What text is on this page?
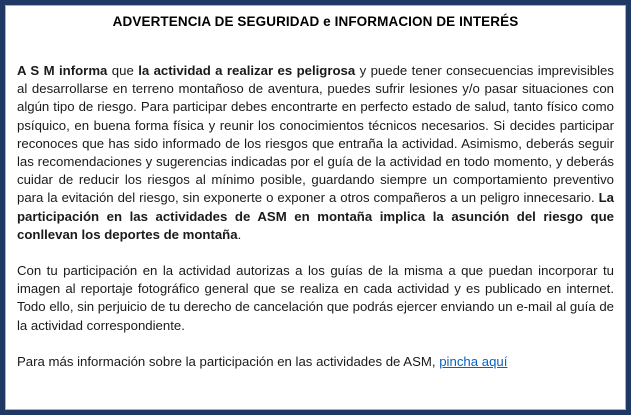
ADVERTENCIA DE SEGURIDAD e INFORMACION DE INTERÉS

A S M informa que la actividad a realizar es peligrosa y puede tener consecuencias imprevisibles al desarrollarse en terreno montañoso de aventura, puedes sufrir lesiones y/o pasar situaciones con algún tipo de riesgo. Para participar debes encontrarte en perfecto estado de salud, tanto físico como psíquico, en buena forma física y reunir los conocimientos técnicos necesarios. Si decides participar reconoces que has sido informado de los riesgos que entraña la actividad. Asimismo, deberás seguir las recomendaciones y sugerencias indicadas por el guía de la actividad en todo momento, y deberás cuidar de reducir los riesgos al mínimo posible, guardando siempre un comportamiento preventivo para la evitación del riesgo, sin exponerte o exponer a otros compañeros a un peligro innecesario. La participación en las actividades de ASM en montaña implica la asunción del riesgo que conllevan los deportes de montaña.

Con tu participación en la actividad autorizas a los guías de la misma a que puedan incorporar tu imagen al reportaje fotográfico general que se realiza en cada actividad y es publicado en internet. Todo ello, sin perjuicio de tu derecho de cancelación que podrás ejercer enviando un e-mail al guía de la actividad correspondiente.

Para más información sobre la participación en las actividades de ASM, pincha aquí
